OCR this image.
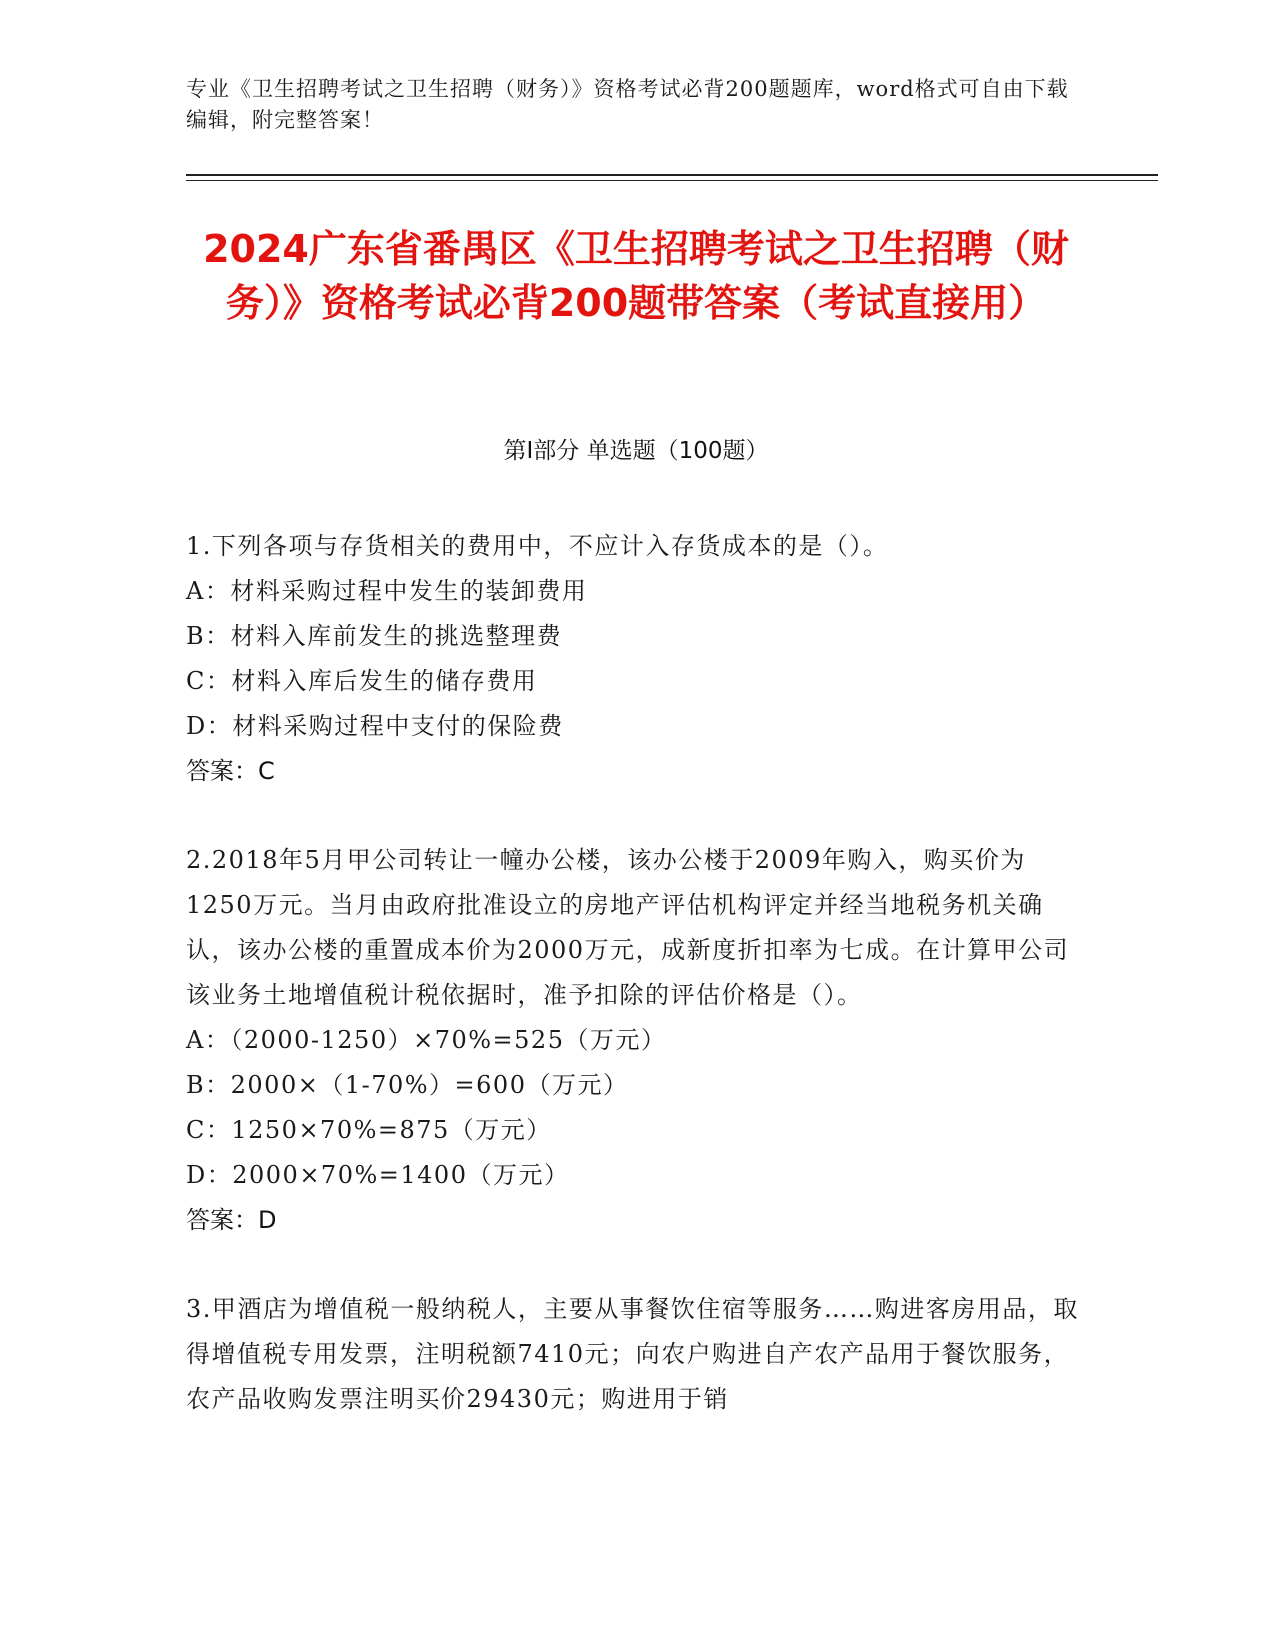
专业《卫生招聘考试之卫生招聘（财务）》资格考试必背200题题库，word格式可自由下载编辑，附完整答案！
2024广东省番禺区《卫生招聘考试之卫生招聘（财务）》资格考试必背200题带答案（考试直接用）
第I部分 单选题（100题）

1.下列各项与存货相关的费用中，不应计入存货成本的是（）。

A：材料采购过程中发生的装卸费用

B：材料入库前发生的挑选整理费

C：材料入库后发生的储存费用

D：材料采购过程中支付的保险费

答案：C

2.2018年5月甲公司转让一幢办公楼，该办公楼于2009年购入，购买价为1250万元。当月由政府批准设立的房地产评估机构评定并经当地税务机关确认，该办公楼的重置成本价为2000万元，成新度折扣率为七成。在计算甲公司该业务土地增值税计税依据时，准予扣除的评估价格是（）。

A：（2000-1250）×70%=525（万元）

B：2000×（1-70%）=600（万元）

C：1250×70%=875（万元）

D：2000×70%=1400（万元）

答案：D

3.甲酒店为增值税一般纳税人，主要从事餐饮住宿等服务……购进客房用品，取得增值税专用发票，注明税额7410元；向农户购进自产农产品用于餐饮服务，农产品收购发票注明买价29430元；购进用于销
